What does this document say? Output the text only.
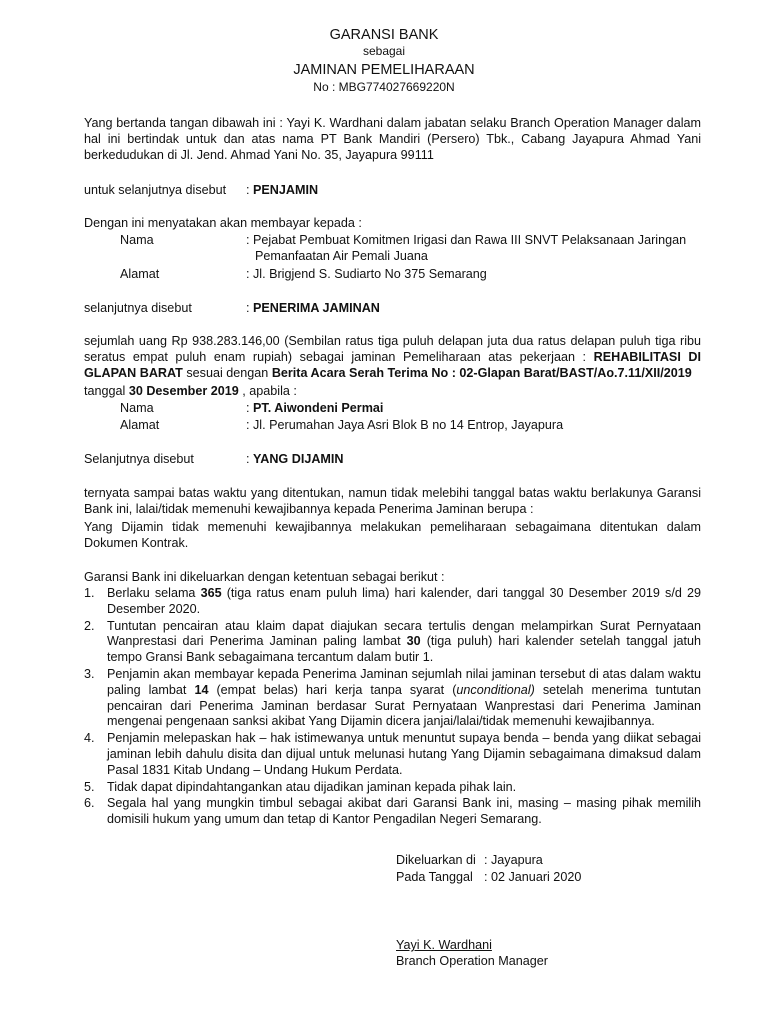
GARANSI BANK
sebagai
JAMINAN PEMELIHARAAN
No : MBG774027669220N
Yang bertanda tangan dibawah ini : Yayi K. Wardhani dalam jabatan selaku Branch Operation Manager dalam hal ini bertindak untuk dan atas nama PT Bank Mandiri (Persero) Tbk., Cabang Jayapura Ahmad Yani berkedudukan di Jl. Jend. Ahmad Yani No. 35, Jayapura 99111
untuk selanjutnya disebut : PENJAMIN
Dengan ini menyatakan akan membayar kepada :
Nama	: Pejabat Pembuat Komitmen Irigasi dan Rawa III SNVT Pelaksanaan Jaringan Pemanfaatan Air Pemali Juana
Alamat	: Jl. Brigjend S. Sudiarto No 375 Semarang
selanjutnya disebut	: PENERIMA JAMINAN
sejumlah uang Rp 938.283.146,00 (Sembilan ratus tiga puluh delapan juta dua ratus delapan puluh tiga ribu seratus empat puluh enam rupiah) sebagai jaminan Pemeliharaan atas pekerjaan : REHABILITASI DI GLAPAN BARAT sesuai dengan Berita Acara Serah Terima No : 02-Glapan Barat/BAST/Ao.7.11/XII/2019
tanggal 30 Desember 2019 , apabila :
Nama	: PT. Aiwondeni Permai
Alamat	: Jl. Perumahan Jaya Asri Blok B no 14 Entrop, Jayapura
Selanjutnya disebut	: YANG DIJAMIN
ternyata sampai batas waktu yang ditentukan, namun tidak melebihi tanggal batas waktu berlakunya Garansi Bank ini, lalai/tidak memenuhi kewajibannya kepada Penerima Jaminan berupa :
Yang Dijamin tidak memenuhi kewajibannya melakukan pemeliharaan sebagaimana ditentukan dalam Dokumen Kontrak.
Garansi Bank ini dikeluarkan dengan ketentuan sebagai berikut :
1. Berlaku selama 365 (tiga ratus enam puluh lima) hari kalender, dari tanggal 30 Desember 2019 s/d 29 Desember 2020.
2. Tuntutan pencairan atau klaim dapat diajukan secara tertulis dengan melampirkan Surat Pernyataan Wanprestasi dari Penerima Jaminan paling lambat 30 (tiga puluh) hari kalender setelah tanggal jatuh tempo Gransi Bank sebagaimana tercantum dalam butir 1.
3. Penjamin akan membayar kepada Penerima Jaminan sejumlah nilai jaminan tersebut di atas dalam waktu paling lambat 14 (empat belas) hari kerja tanpa syarat (unconditional) setelah menerima tuntutan pencairan dari Penerima Jaminan berdasar Surat Pernyataan Wanprestasi dari Penerima Jaminan mengenai pengenaan sanksi akibat Yang Dijamin dicera janjai/lalai/tidak memenuhi kewajibannya.
4. Penjamin melepaskan hak – hak istimewanya untuk menuntut supaya benda – benda yang diikat sebagai jaminan lebih dahulu disita dan dijual untuk melunasi hutang Yang Dijamin sebagaimana dimaksud dalam Pasal 1831 Kitab Undang – Undang Hukum Perdata.
5. Tidak dapat dipindahtangankan atau dijadikan jaminan kepada pihak lain.
6. Segala hal yang mungkin timbul sebagai akibat dari Garansi Bank ini, masing – masing pihak memilih domisili hukum yang umum dan tetap di Kantor Pengadilan Negeri Semarang.
Dikeluarkan di : Jayapura
Pada Tanggal : 02 Januari 2020
Yayi K. Wardhani
Branch Operation Manager
